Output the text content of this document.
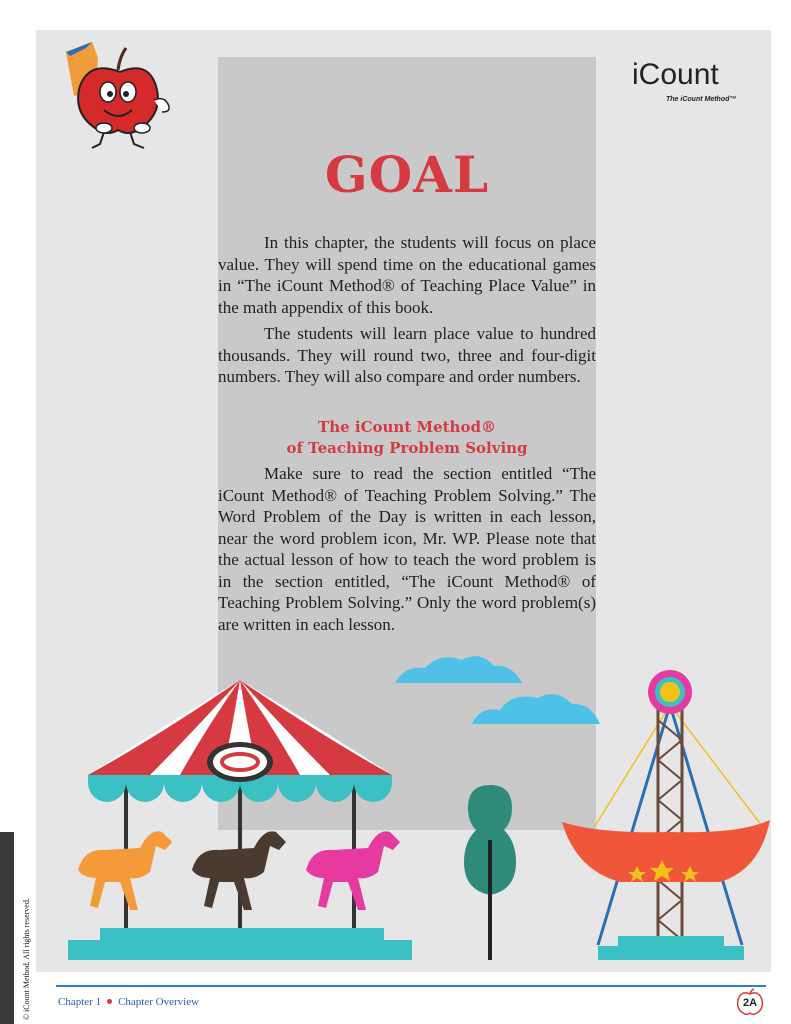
iCount
The iCount Method™
GOAL

In this chapter, the students will focus on place value. They will spend time on the educational games in “The iCount Method® of Teaching Place Value” in the math appendix of this book.

The students will learn place value to hundred thousands. They will round two, three and four-digit numbers. They will also compare and order numbers.

The iCount Method®
of Teaching Problem Solving

Make sure to read the section entitled “The iCount Method® of Teaching Problem Solving.” The Word Problem of the Day is written in each lesson, near the word problem icon, Mr. WP. Please note that the actual lesson of how to teach the word problem is in the section entitled, “The iCount Method® of Teaching Problem Solving.” Only the word problem(s) are written in each lesson.

Chapter 1 Chapter Overview	2A
© iCount Method. All rights reserved.
